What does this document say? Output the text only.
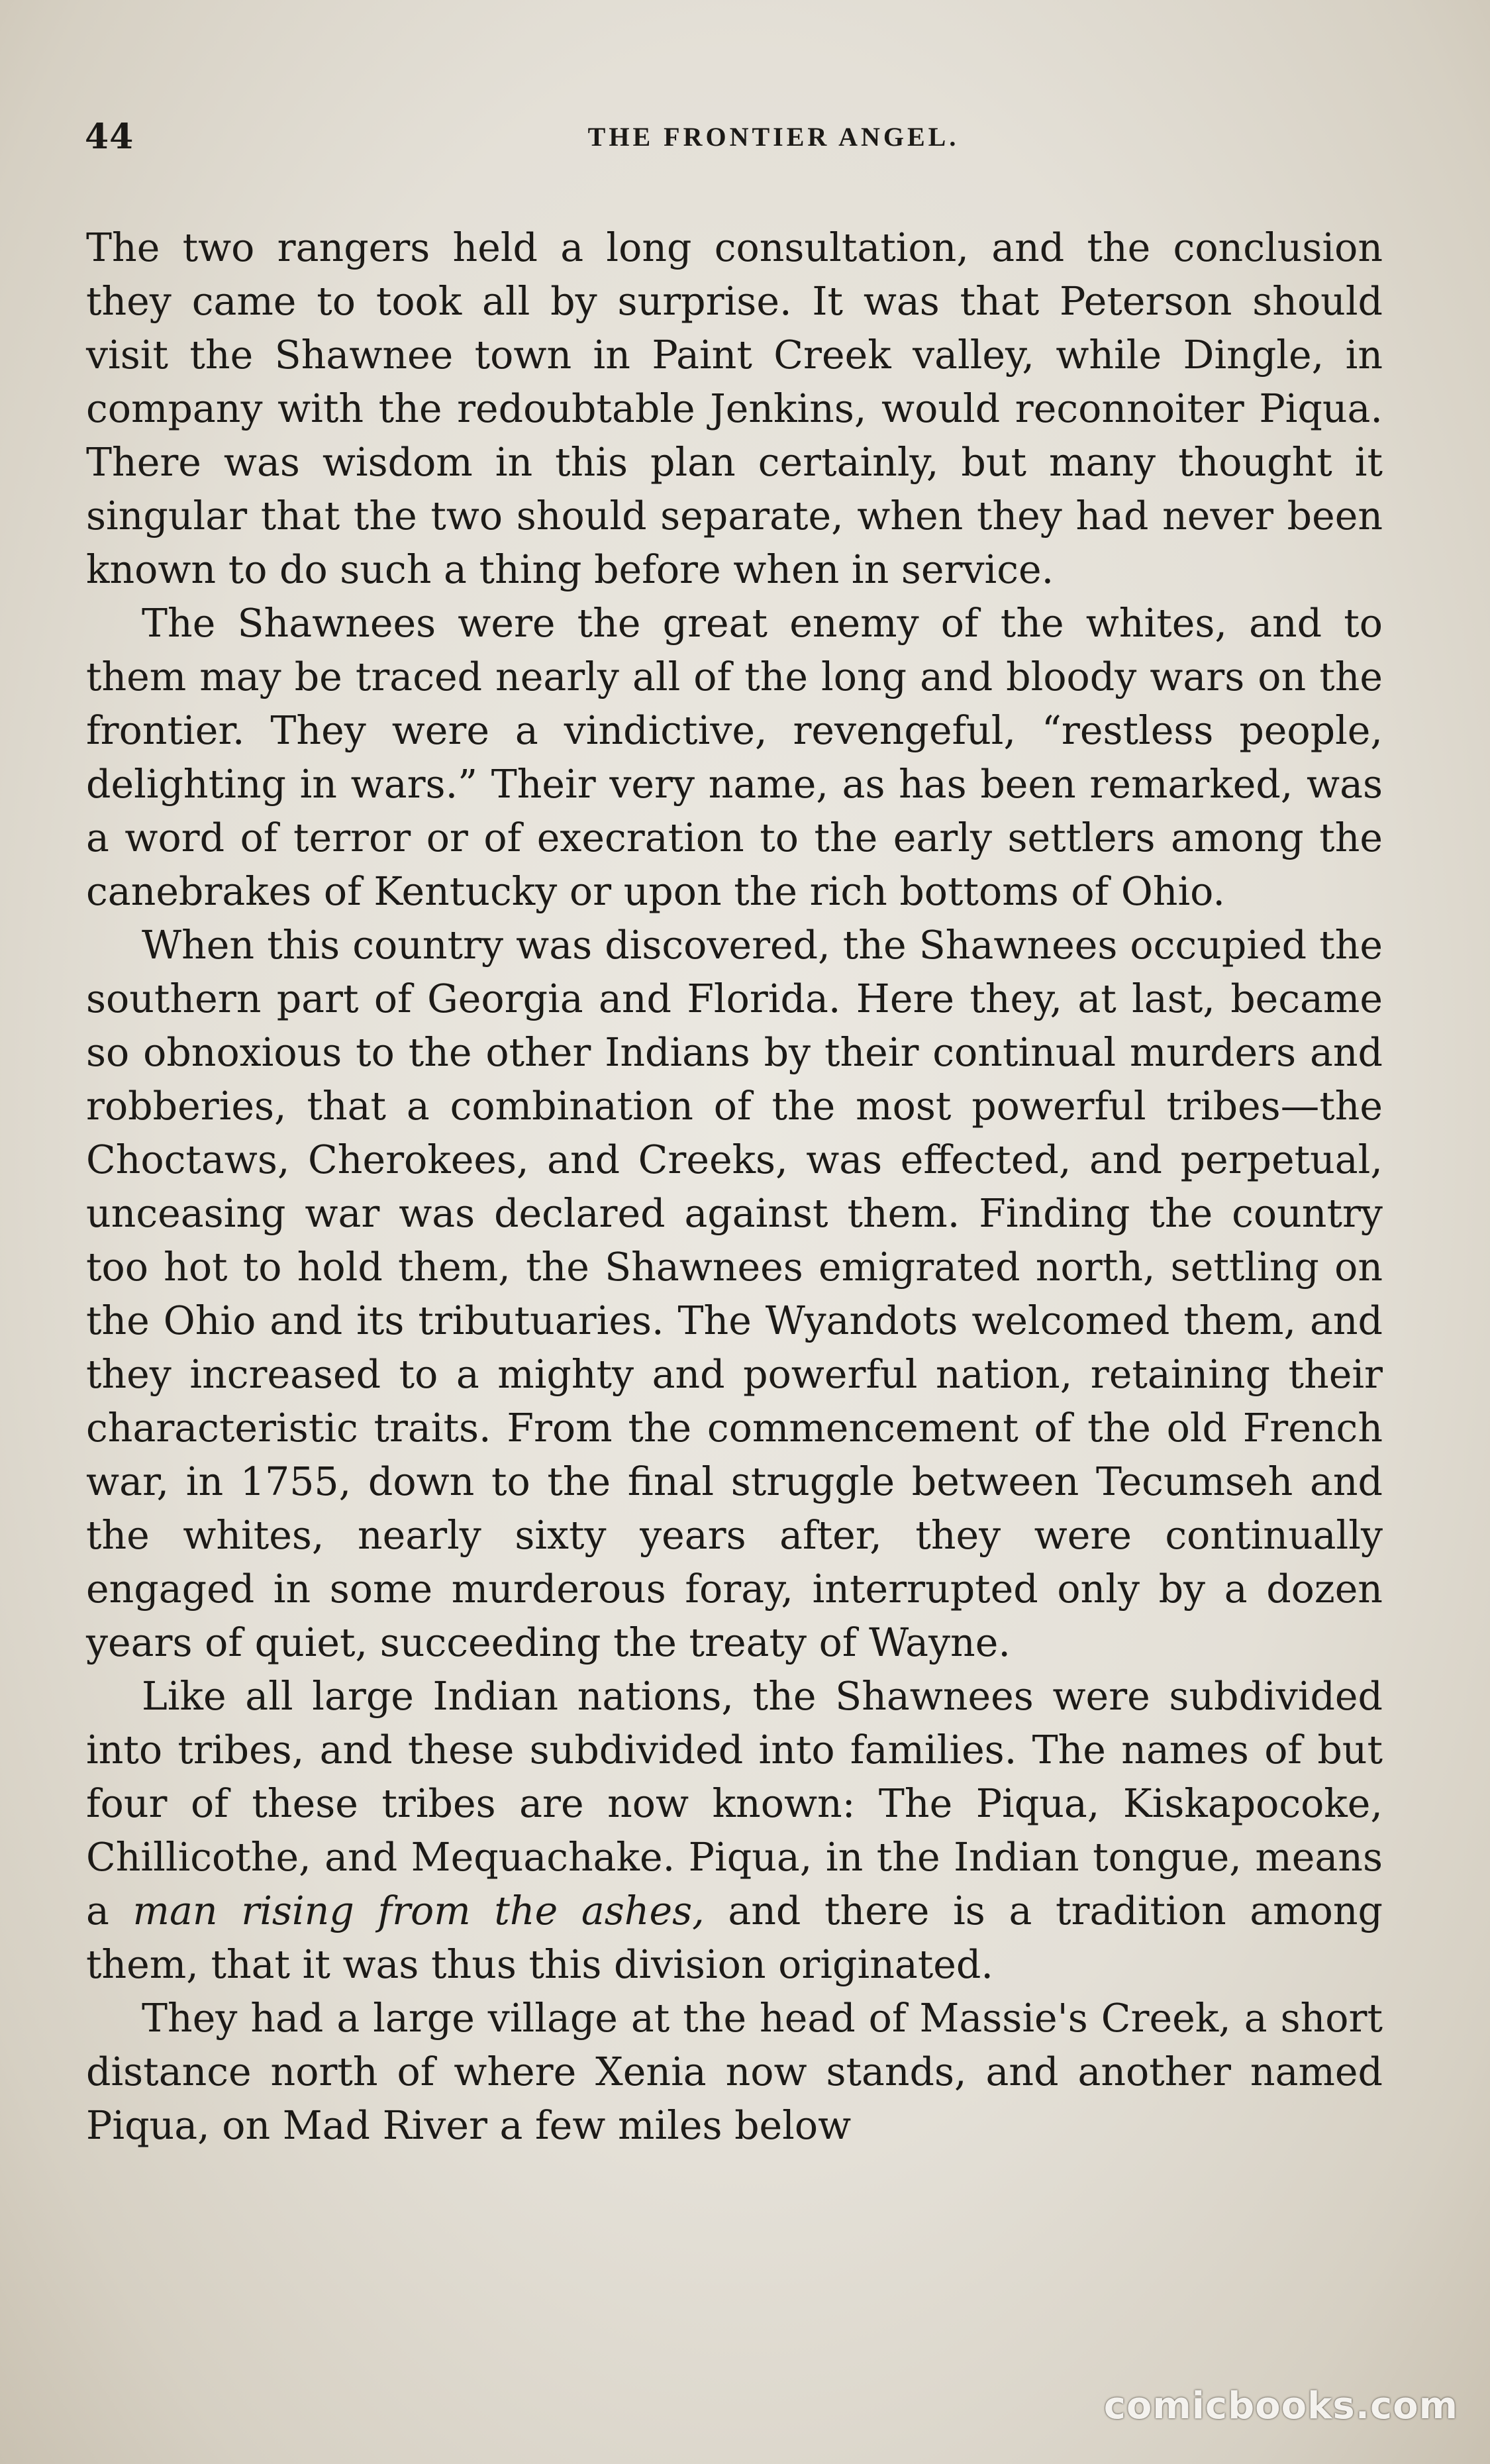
44	THE FRONTIER ANGEL.

The two rangers held a long consultation, and the conclusion they came to took all by surprise. It was that Peterson should visit the Shawnee town in Paint Creek valley, while Dingle, in company with the redoubtable Jenkins, would reconnoiter Piqua. There was wisdom in this plan certainly, but many thought it singular that the two should separate, when they had never been known to do such a thing before when in service.

The Shawnees were the great enemy of the whites, and to them may be traced nearly all of the long and bloody wars on the frontier. They were a vindictive, revengeful, “restless people, delighting in wars.” Their very name, as has been remarked, was a word of terror or of execration to the early settlers among the canebrakes of Kentucky or upon the rich bottoms of Ohio.

When this country was discovered, the Shawnees occupied the southern part of Georgia and Florida. Here they, at last, became so obnoxious to the other Indians by their continual murders and robberies, that a combination of the most powerful tribes—the Choctaws, Cherokees, and Creeks, was effected, and perpetual, unceasing war was declared against them. Finding the country too hot to hold them, the Shawnees emigrated north, settling on the Ohio and its tributuaries. The Wyandots welcomed them, and they increased to a mighty and powerful nation, retaining their characteristic traits. From the commencement of the old French war, in 1755, down to the final struggle between Tecumseh and the whites, nearly sixty years after, they were continually engaged in some murderous foray, interrupted only by a dozen years of quiet, succeeding the treaty of Wayne.

Like all large Indian nations, the Shawnees were subdivided into tribes, and these subdivided into families. The names of but four of these tribes are now known: The Piqua, Kiskapocoke, Chillicothe, and Mequachake. Piqua, in the Indian tongue, means a man rising from the ashes, and there is a tradition among them, that it was thus this division originated.

They had a large village at the head of Massie's Creek, a short distance north of where Xenia now stands, and another named Piqua, on Mad River a few miles below

comicbooks.com
